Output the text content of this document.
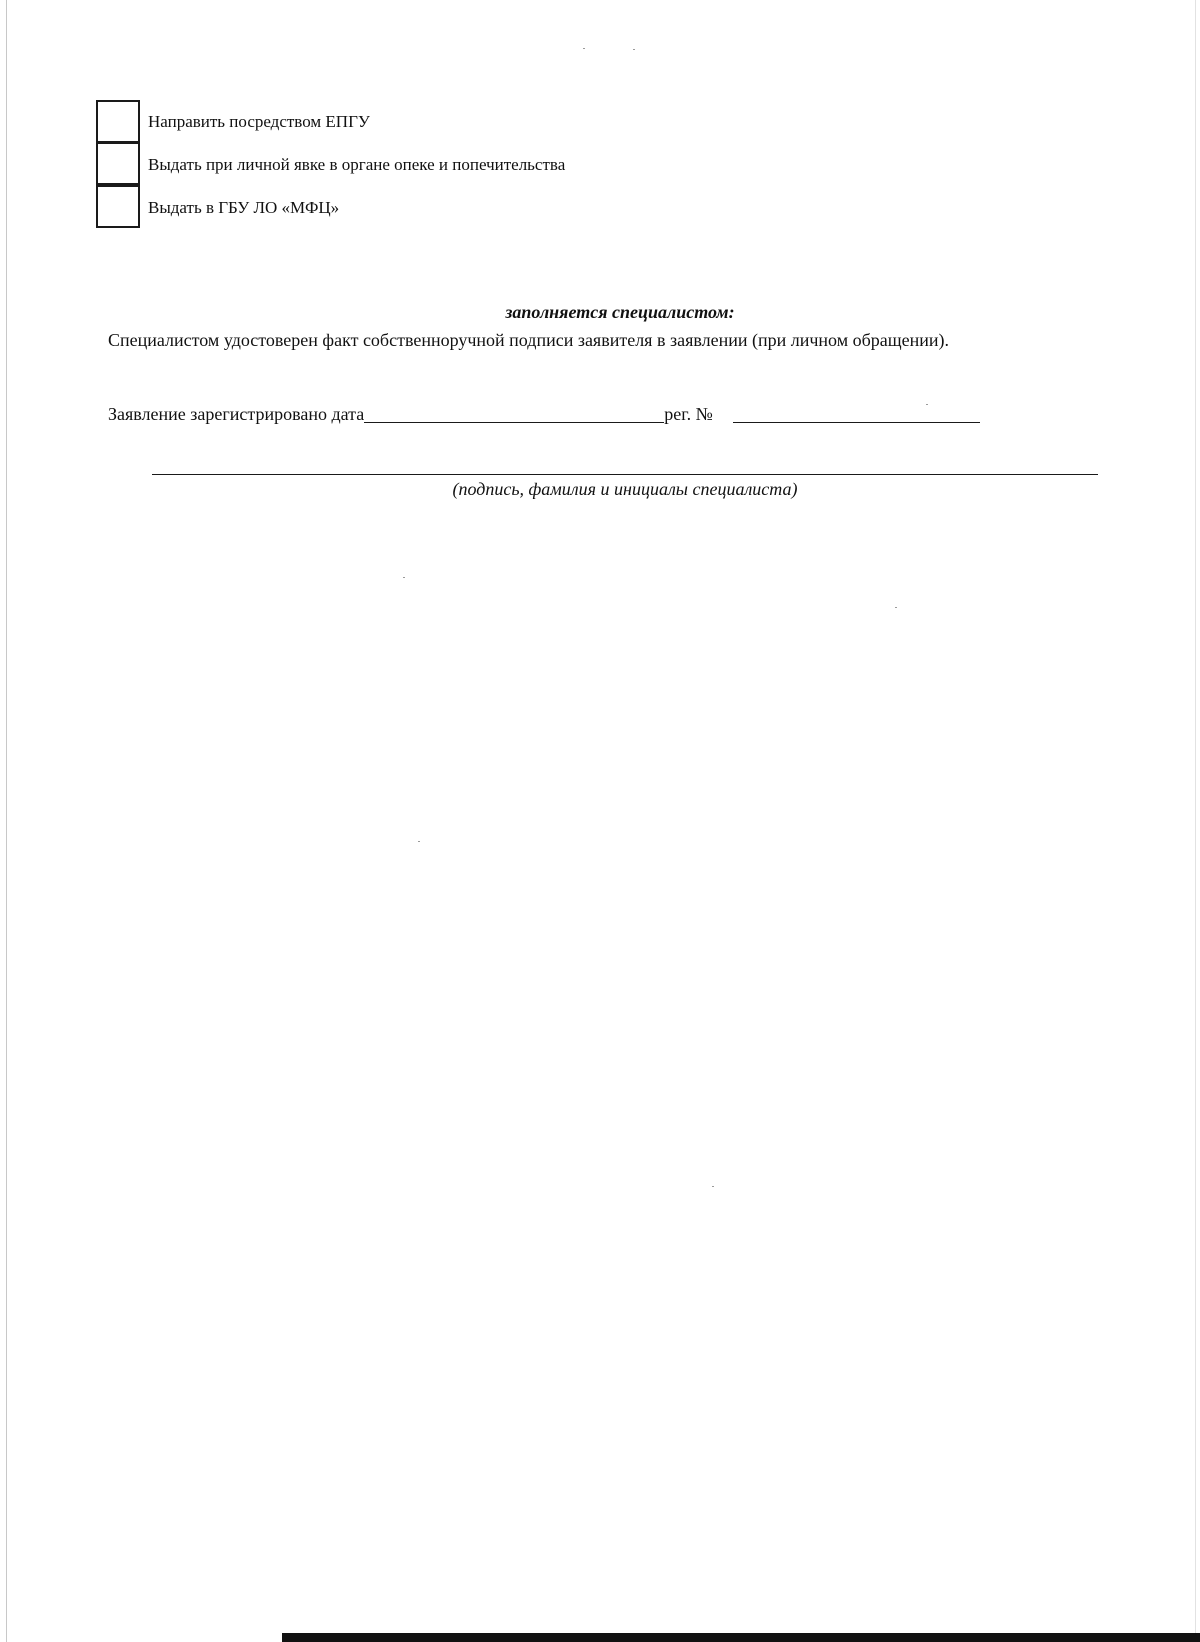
Направить посредством ЕПГУ
Выдать при личной явке в органе опеке и попечительства
Выдать в ГБУ ЛО «МФЦ»
заполняется специалистом:
Специалистом удостоверен факт собственноручной подписи заявителя в заявлении (при личном обращении).
Заявление зарегистрировано дата	рег. №
(подпись, фамилия и инициалы специалиста)
